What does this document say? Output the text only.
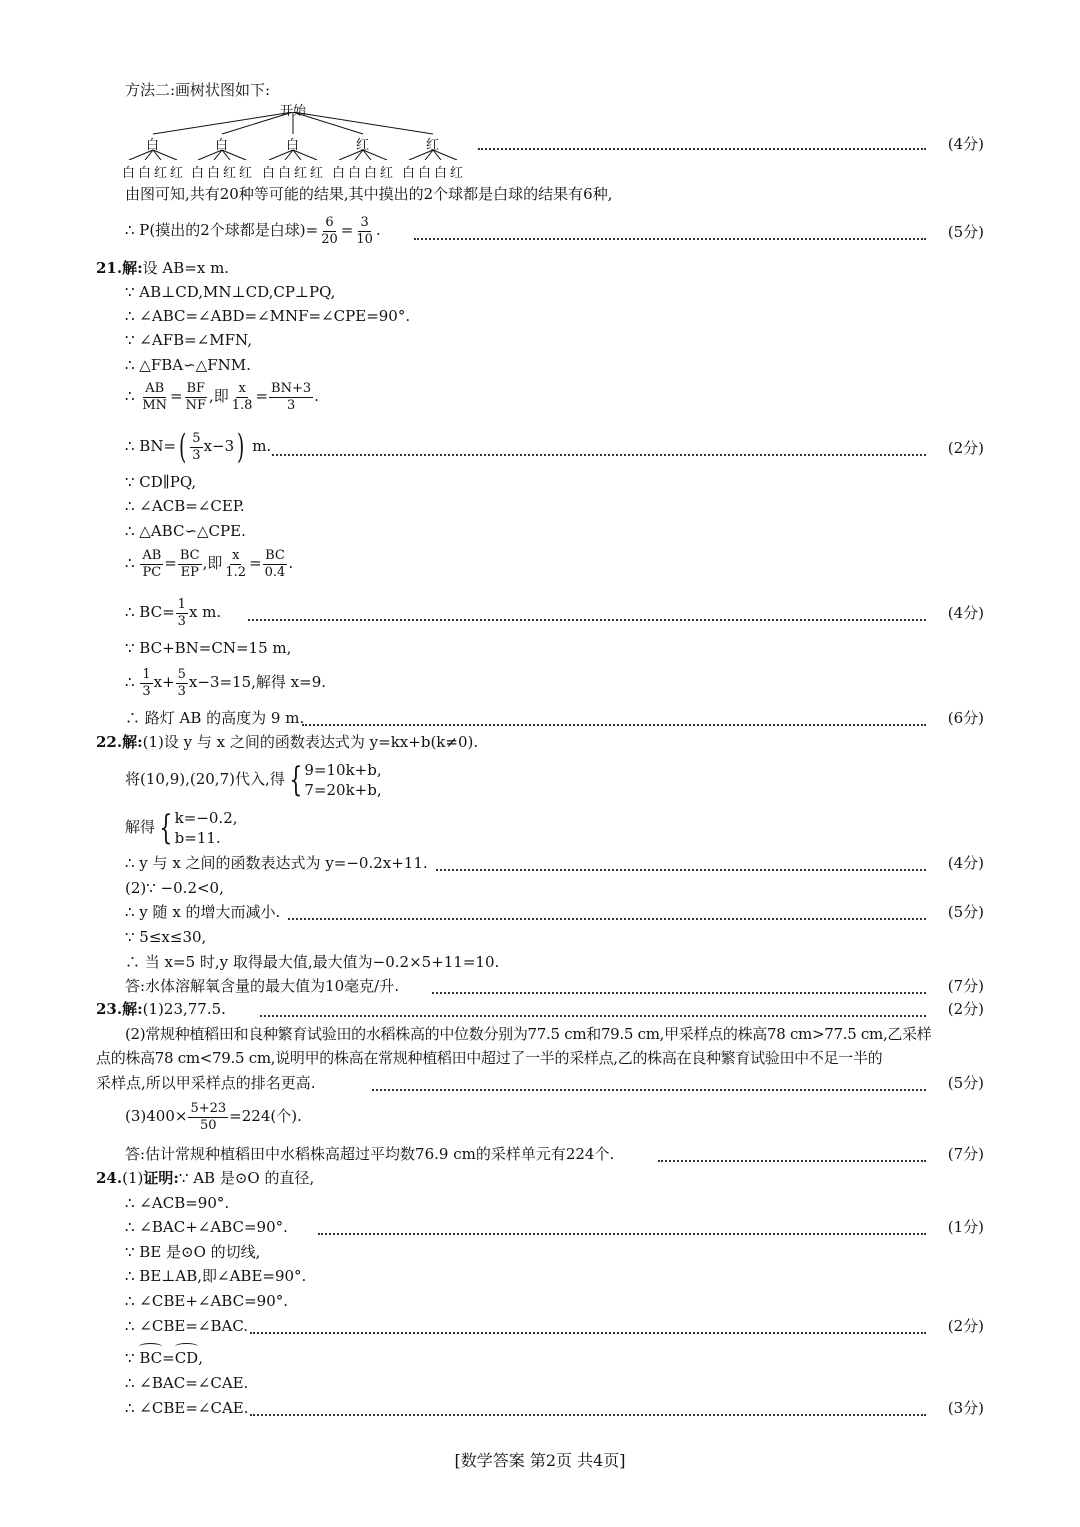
方法二:画树状图如下:
开始
白	白	白	红	红
白 白 红 红 白 白 红 红 白 白 红 红 白 白 白 红 白 白 白 红
(4分)
由图可知,共有20种等可能的结果,其中摸出的2个球都是白球的结果有6种,
∴ P(摸出的2个球都是白球)= $\frac{6}{20} = \frac{3}{10}$ .	(5分)
21.解:设 AB=x m.
∵ AB⊥CD,MN⊥CD,CP⊥PQ,
∴ ∠ABC=∠ABD=∠MNF=∠CPE=90°.
∵ ∠AFB=∠MFN,
∴ △FBA∽△FNM.
∴ $\frac{AB}{MN} = \frac{BF}{NF}$ ,即 $\frac{x}{1.8} = \frac{BN+3}{3}$ .
∴ $BN=( \frac{5}{3} x-3)$ m.	(2分)
∵ CD∥PQ,
∴ ∠ACB=∠CEP.
∴ △ABC∽△CPE.
∴ $\frac{AB}{PC} = \frac{BC}{EP}$ ,即 $\frac{x}{1.2} = \frac{BC}{0.4}$ .
∴ $BC= \frac{1}{3}$ x m.	(4分)
∵ BC+BN=CN=15 m,
∴ $\frac{1}{3} x+ \frac{5}{3} x-3=15$,解得 x=9.
∴ 路灯 AB 的高度为 9 m.	(6分)
22.解:(1)设 y 与 x 之间的函数表达式为 y=kx+b(k≠0).
将(10,9),(20,7)代入,得 { 9=10k+b,
7=20k+b,
解得 { k=−0.2,
b=11.
∴ y 与 x 之间的函数表达式为 y=−0.2x+11.	(4分)
(2)∵ −0.2<0,
∴ y 随 x 的增大而减小.	(5分)
∵ 5≤x≤30,
∴ 当 x=5 时,y 取得最大值,最大值为−0.2×5+11=10.
答:水体溶解氧含量的最大值为10毫克/升.	(7分)
23.解:(1)23,77.5.	(2分)
(2)常规种植稻田和良种繁育试验田的水稻株高的中位数分别为77.5 cm和79.5 cm,甲采样点的株高78 cm>77.5 cm,乙采样
点的株高78 cm<79.5 cm,说明甲的株高在常规种植稻田中超过了一半的采样点,乙的株高在良种繁育试验田中不足一半的
采样点,所以甲采样点的排名更高.	(5分)
$(3)400\times \frac{5+23}{50} =224$(个).
答:估计常规种植稻田中水稻株高超过平均数76.9 cm的采样单元有224个.	(7分)
24.(1)证明:∵ AB 是⊙O 的直径,
∴ ∠ACB=90°.
∴ ∠BAC+∠ABC=90°.	(1分)
∵ BE 是⊙O 的切线,
∴ BE⊥AB,即∠ABE=90°.
∴ ∠CBE+∠ABC=90°.
∴ ∠CBE=∠BAC.	(2分)
∵ BC=CD,
∴ ∠BAC=∠CAE.
∴ ∠CBE=∠CAE.	(3分)
[数学答案 第2页 共4页]
